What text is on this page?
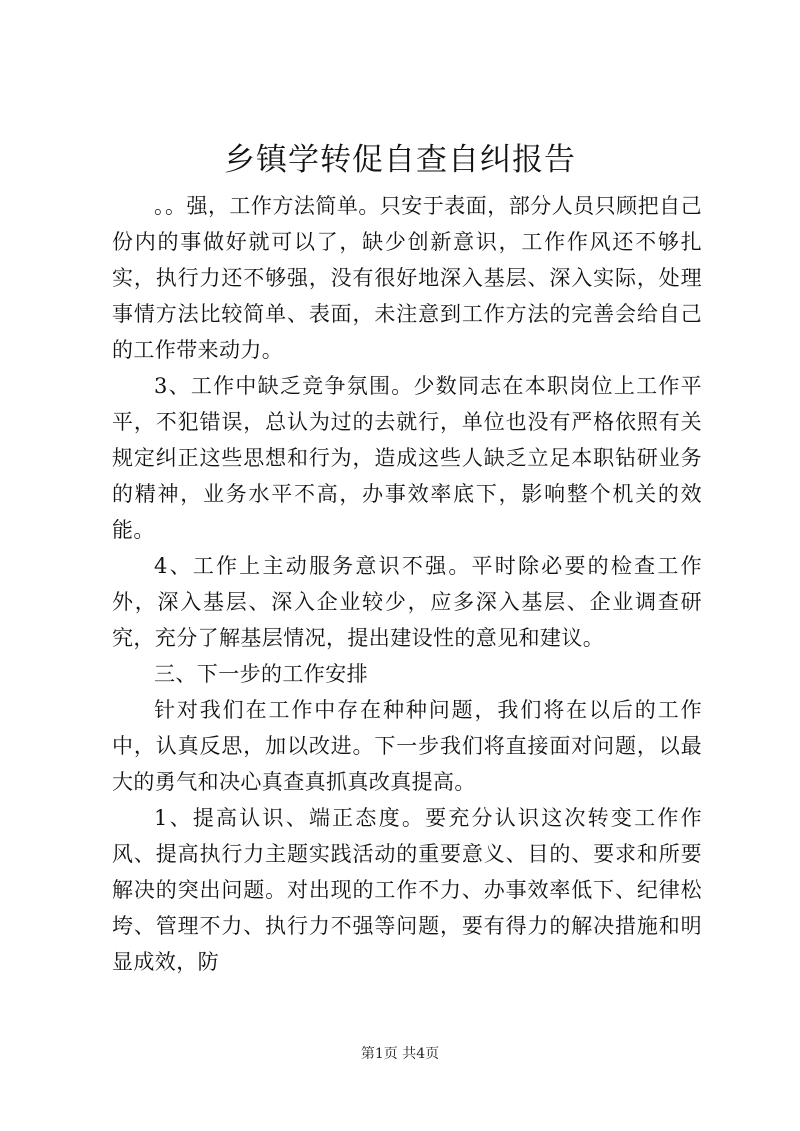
乡镇学转促自查自纠报告

。。强，工作方法简单。只安于表面，部分人员只顾把自己份内的事做好就可以了，缺少创新意识，工作作风还不够扎实，执行力还不够强，没有很好地深入基层、深入实际，处理事情方法比较简单、表面，未注意到工作方法的完善会给自己的工作带来动力。

3、工作中缺乏竞争氛围。少数同志在本职岗位上工作平平，不犯错误，总认为过的去就行，单位也没有严格依照有关规定纠正这些思想和行为，造成这些人缺乏立足本职钻研业务的精神，业务水平不高，办事效率底下，影响整个机关的效能。

4、工作上主动服务意识不强。平时除必要的检查工作外，深入基层、深入企业较少，应多深入基层、企业调查研究，充分了解基层情况，提出建设性的意见和建议。

三、下一步的工作安排

针对我们在工作中存在种种问题，我们将在以后的工作中，认真反思，加以改进。下一步我们将直接面对问题，以最大的勇气和决心真查真抓真改真提高。

1、提高认识、端正态度。要充分认识这次转变工作作风、提高执行力主题实践活动的重要意义、目的、要求和所要解决的突出问题。对出现的工作不力、办事效率低下、纪律松垮、管理不力、执行力不强等问题，要有得力的解决措施和明显成效，防

第1页 共4页
